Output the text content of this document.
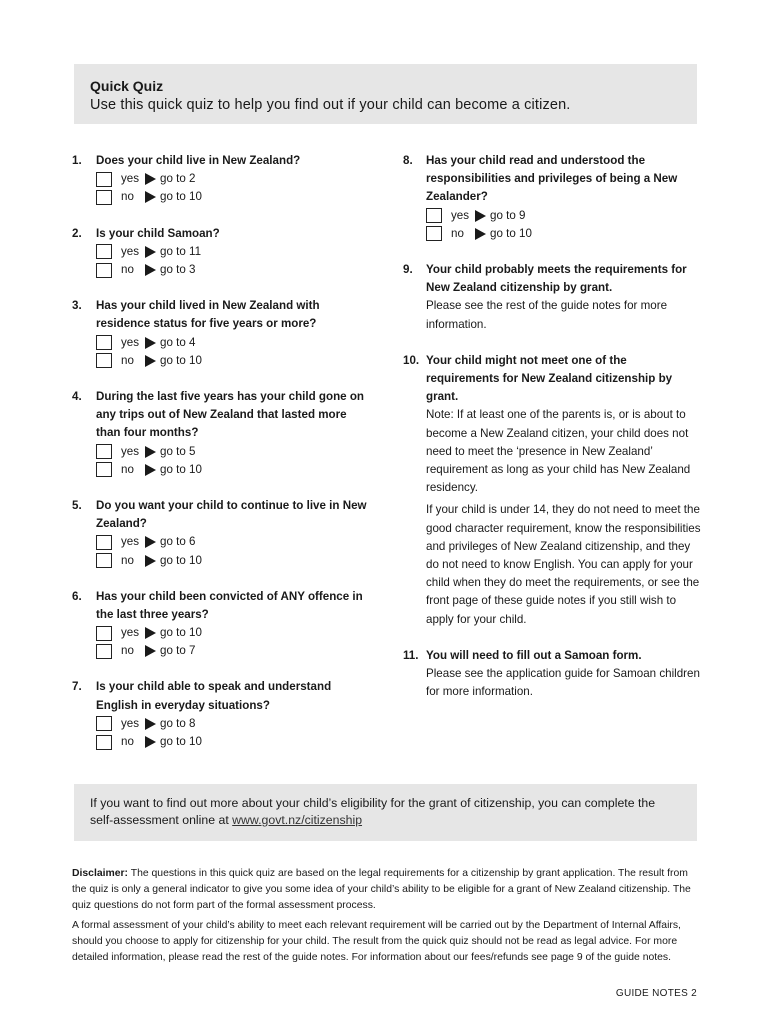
Quick Quiz
Use this quick quiz to help you find out if your child can become a citizen.
1. Does your child live in New Zealand?
yes	go to 2
no	go to 10
2. Is your child Samoan?
yes	go to 11
no	go to 3
3. Has your child lived in New Zealand with residence status for five years or more?
yes	go to 4
no	go to 10
4. During the last five years has your child gone on any trips out of New Zealand that lasted more than four months?
yes	go to 5
no	go to 10
5. Do you want your child to continue to live in New Zealand?
yes	go to 6
no	go to 10
6. Has your child been convicted of ANY offence in the last three years?
yes	go to 10
no	go to 7
7. Is your child able to speak and understand English in everyday situations?
yes	go to 8
no	go to 10
8. Has your child read and understood the responsibilities and privileges of being a New Zealander?
yes	go to 9
no	go to 10
9. Your child probably meets the requirements for New Zealand citizenship by grant.
Please see the rest of the guide notes for more information.
10. Your child might not meet one of the requirements for New Zealand citizenship by grant.
Note: If at least one of the parents is, or is about to become a New Zealand citizen, your child does not need to meet the ‘presence in New Zealand’ requirement as long as your child has New Zealand residency.
If your child is under 14, they do not need to meet the good character requirement, know the responsibilities and privileges of New Zealand citizenship, and they do not need to know English. You can apply for your child when they do meet the requirements, or see the front page of these guide notes if you still wish to apply for your child.
11. You will need to fill out a Samoan form.
Please see the application guide for Samoan children for more information.
If you want to find out more about your child’s eligibility for the grant of citizenship, you can complete the self-assessment online at www.govt.nz/citizenship

Disclaimer: The questions in this quick quiz are based on the legal requirements for a citizenship by grant application. The result from the quiz is only a general indicator to give you some idea of your child’s ability to be eligible for a grant of New Zealand citizenship. The quiz questions do not form part of the formal assessment process.

A formal assessment of your child’s ability to meet each relevant requirement will be carried out by the Department of Internal Affairs, should you choose to apply for citizenship for your child. The result from the quick quiz should not be read as legal advice. For more detailed information, please read the rest of the guide notes. For information about our fees/refunds see page 9 of the guide notes.

GUIDE NOTES 2
